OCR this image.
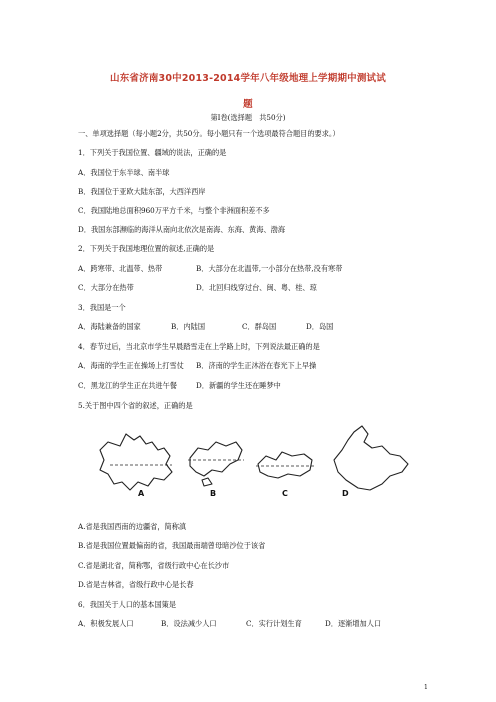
山东省济南30中2013-2014学年八年级地理上学期期中测试试
题
第Ⅰ卷(选择题　共50分)
一、单项选择题（每小题2分，共50分。每小题只有一个选项最符合题目的要求。）
1．下列关于我国位置、疆域的说法，正确的是
A．我国位于东半球、南半球
B．我国位于亚欧大陆东部，大西洋西岸
C．我国陆地总面积960万平方千米，与整个非洲面积差不多
D．我国东部濒临的海洋从南向北依次是南海、东海、黄海、渤海
2．下列关于我国地理位置的叙述,正确的是
A．跨寒带、北温带、热带	B．大部分在北温带,一小部分在热带,没有寒带
C．大部分在热带	D．北回归线穿过台、闽、粤、桂、琼
3．我国是一个
A．海陆兼备的国家	B．内陆国	C．群岛国	D．岛国
4．春节过后，当北京市学生早晨踏雪走在上学路上时，下列说法最正确的是
A．海南的学生正在操场上打雪仗 B．济南的学生正沐浴在春光下上早操
C．黑龙江的学生正在共进午餐	D．新疆的学生还在睡梦中
5.关于图中四个省的叙述，正确的是
A	B	C	D
A.省是我国西南的边疆省，简称滇
B.省是我国位置最偏南的省，我国最南端曾母暗沙位于该省
C.省是湖北省，简称鄂，省级行政中心在长沙市
D.省是吉林省，省级行政中心是长春
6．我国关于人口的基本国策是
A．积极发展人口	B．设法减少人口	C．实行计划生育	D．逐渐增加人口
1
